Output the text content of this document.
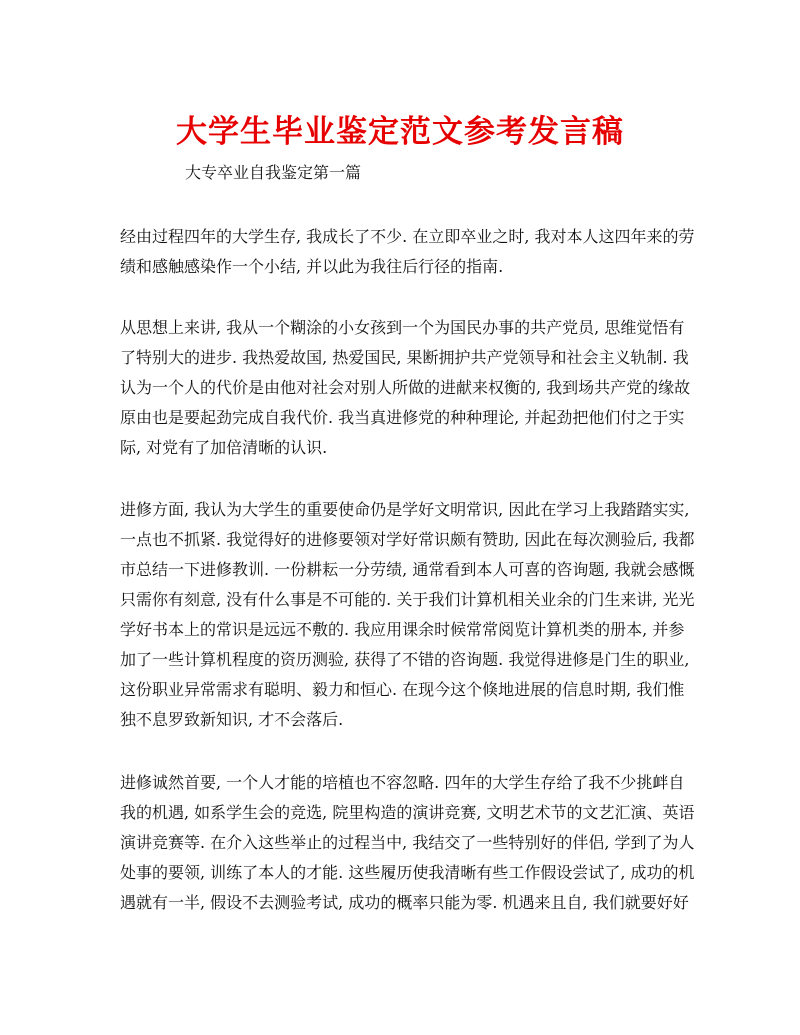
大学生毕业鉴定范文参考发言稿

大专卒业自我鉴定第一篇

经由过程四年的大学生存, 我成长了不少. 在立即卒业之时, 我对本人这四年来的劳
绩和感触感染作一个小结, 并以此为我往后行径的指南.

从思想上来讲, 我从一个糊涂的小女孩到一个为国民办事的共产党员, 思维觉悟有
了特别大的进步. 我热爱故国, 热爱国民, 果断拥护共产党领导和社会主义轨制. 我
认为一个人的代价是由他对社会对别人所做的进献来权衡的, 我到场共产党的缘故
原由也是要起劲完成自我代价. 我当真进修党的种种理论, 并起劲把他们付之于实
际, 对党有了加倍清晰的认识.

进修方面, 我认为大学生的重要使命仍是学好文明常识, 因此在学习上我踏踏实实,
一点也不抓紧. 我觉得好的进修要领对学好常识颇有赞助, 因此在每次测验后, 我都
市总结一下进修教训. 一份耕耘一分劳绩, 通常看到本人可喜的咨询题, 我就会感慨
只需你有刻意, 没有什么事是不可能的. 关于我们计算机相关业余的门生来讲, 光光
学好书本上的常识是远远不敷的. 我应用课余时候常常阅览计算机类的册本, 并参
加了一些计算机程度的资历测验, 获得了不错的咨询题. 我觉得进修是门生的职业,
这份职业异常需求有聪明、毅力和恒心. 在现今这个倏地进展的信息时期, 我们惟
独不息罗致新知识, 才不会落后.

进修诚然首要, 一个人才能的培植也不容忽略. 四年的大学生存给了我不少挑衅自
我的机遇, 如系学生会的竞选, 院里构造的演讲竞赛, 文明艺术节的文艺汇演、英语
演讲竞赛等. 在介入这些举止的过程当中, 我结交了一些特别好的伴侣, 学到了为人
处事的要领, 训练了本人的才能. 这些履历使我清晰有些工作假设尝试了, 成功的机
遇就有一半, 假设不去测验考试, 成功的概率只能为零. 机遇来且自, 我们就要好好
